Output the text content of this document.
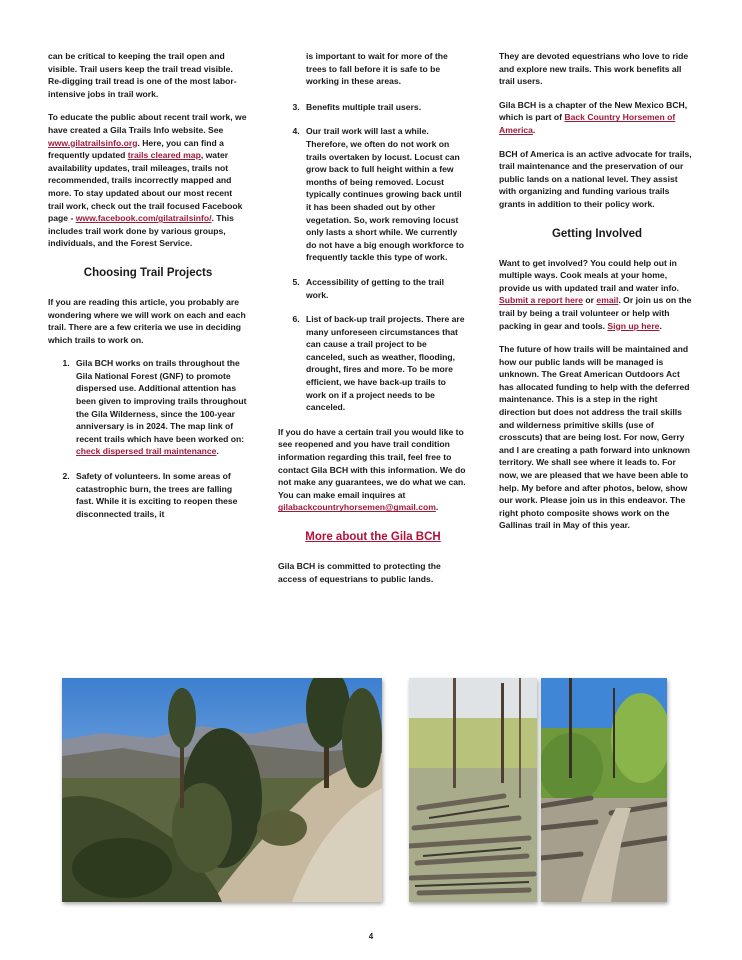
can be critical to keeping the trail open and visible. Trail users keep the trail tread visible. Re-digging trail tread is one of the most labor-intensive jobs in trail work.

To educate the public about recent trail work, we have created a Gila Trails Info website. See www.gilatrailsinfo.org. Here, you can find a frequently updated trails cleared map, water availability updates, trail mileages, trails not recommended, trails incorrectly mapped and more. To stay updated about our most recent trail work, check out the trail focused Facebook page - www.facebook.com/gilatrailsinfo/. This includes trail work done by various groups, individuals, and the Forest Service.

Choosing Trail Projects

If you are reading this article, you probably are wondering where we will work on each and each trail. There are a few criteria we use in deciding which trails to work on.

1. Gila BCH works on trails throughout the Gila National Forest (GNF) to promote dispersed use. Additional attention has been given to improving trails throughout the Gila Wilderness, since the 100-year anniversary is in 2024. The map link of recent trails which have been worked on: check dispersed trail maintenance.
2. Safety of volunteers. In some areas of catastrophic burn, the trees are falling fast. While it is exciting to reopen these disconnected trails, it

is important to wait for more of the trees to fall before it is safe to be working in these areas.

3. Benefits multiple trail users.
4. Our trail work will last a while. Therefore, we often do not work on trails overtaken by locust. Locust can grow back to full height within a few months of being removed. Locust typically continues growing back until it has been shaded out by other vegetation. So, work removing locust only lasts a short while. We currently do not have a big enough workforce to frequently tackle this type of work.
5. Accessibility of getting to the trail work.
6. List of back-up trail projects. There are many unforeseen circumstances that can cause a trail project to be canceled, such as weather, flooding, drought, fires and more. To be more efficient, we have back-up trails to work on if a project needs to be canceled.

If you do have a certain trail you would like to see reopened and you have trail condition information regarding this trail, feel free to contact Gila BCH with this information. We do not make any guarantees, we do what we can. You can make email inquires at gilabackcountryhorsemen@gmail.com.

More about the Gila BCH

Gila BCH is committed to protecting the access of equestrians to public lands.

They are devoted equestrians who love to ride and explore new trails. This work benefits all trail users.

Gila BCH is a chapter of the New Mexico BCH, which is part of Back Country Horsemen of America.

BCH of America is an active advocate for trails, trail maintenance and the preservation of our public lands on a national level. They assist with organizing and funding various trails grants in addition to their policy work.

Getting Involved

Want to get involved? You could help out in multiple ways. Cook meals at your home, provide us with updated trail and water info. Submit a report here or email. Or join us on the trail by being a trail volunteer or help with packing in gear and tools. Sign up here.

The future of how trails will be maintained and how our public lands will be managed is unknown. The Great American Outdoors Act has allocated funding to help with the deferred maintenance. This is a step in the right direction but does not address the trail skills and wilderness primitive skills (use of crosscuts) that are being lost. For now, Gerry and I are creating a path forward into unknown territory. We shall see where it leads to. For now, we are pleased that we have been able to help. My before and after photos, below, show our work. Please join us in this endeavor. The right photo composite shows work on the Gallinas trail in May of this year.

4
